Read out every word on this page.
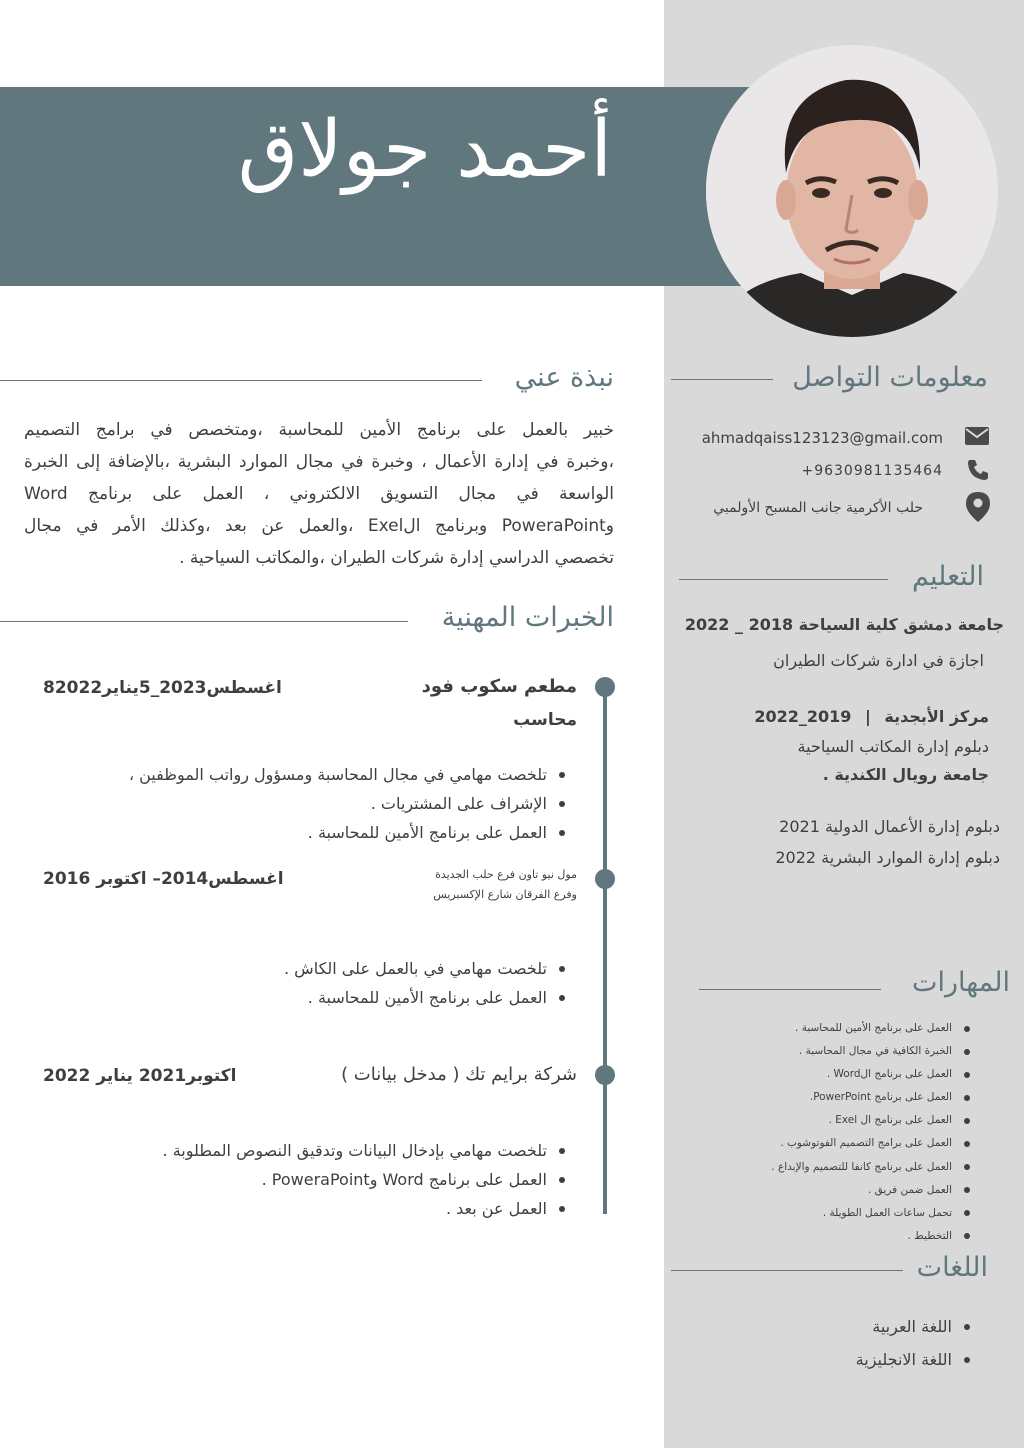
أحمد جولاق
نبذة عني
خبير بالعمل على برنامج الأمين للمحاسبة ،ومتخصص في برامج التصميم
،وخبرة في إدارة الأعمال ، وخبرة في مجال الموارد البشرية ،بالإضافة إلى الخبرة
الواسعة في مجال التسويق الالكتروني ، العمل على برنامج Word
وPoweraPoint وبرنامج الExel ،والعمل عن بعد ،وكذلك الأمر في مجال
تخصصي الدراسي إدارة شركات الطيران ،والمكاتب السياحية .
الخبرات المهنية
مطعم سكوب فود
8اغسطس2023_5يناير2022
محاسب
تلخصت مهامي في مجال المحاسبة ومسؤول رواتب الموظفين ،
الإشراف على المشتريات .
العمل على برنامج الأمين للمحاسبة .
مول نيو تاون فرع حلب الجديدة
وفرع الفرقان شارع الإكسبريس
اغسطس2014– اكتوبر 2016
تلخصت مهامي في بالعمل على الكاش .
العمل على برنامج الأمين للمحاسبة .
شركة برايم تك ( مدخل بيانات )
اكتوبر2021 يناير 2022
تلخصت مهامي بإدخال البيانات وتدقيق النصوص المطلوبة .
العمل على برنامج Word وPoweraPoint .
العمل عن بعد .
معلومات التواصل
ahmadqaiss123123@gmail.com
+9630981135464
حلب الأكرمية جانب المسبح الأولمبي
التعليم
جامعة دمشق كلية السياحة 2018 _ 2022
اجازة في ادارة شركات الطيران
مركز الأبجدية | 2019_2022
دبلوم إدارة المكاتب السياحية
جامعة رويال الكندية .
دبلوم إدارة الأعمال الدولية 2021
دبلوم إدارة الموارد البشرية 2022
المهارات
العمل على برنامج الأمين للمحاسبة .
الخبرة الكافية في مجال المحاسبة .
العمل على برنامج الWord .
العمل على برنامج PowerPoint.
العمل على برنامج ال Exel .
العمل على برامج التصميم الفوتوشوب .
العمل على برنامج كانفا للتصميم والإبداع .
العمل ضمن فريق .
تحمل ساعات العمل الطويلة .
التخطيط .
اللغات
اللغة العربية
اللغة الانجليزية
